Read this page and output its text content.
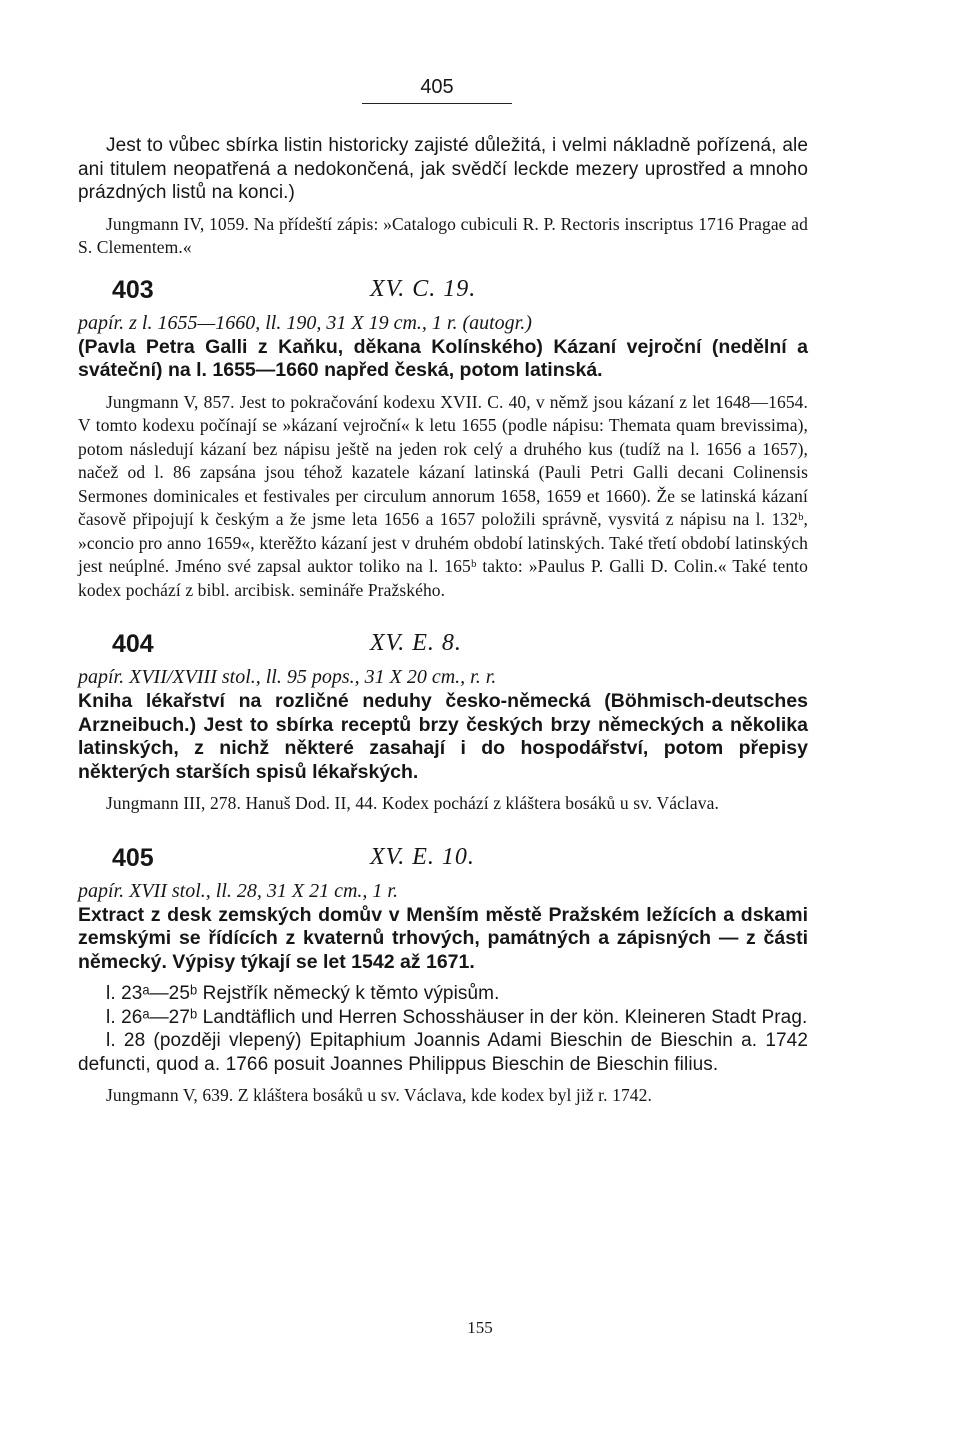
405

Jest to vůbec sbírka listin historicky zajisté důležitá, i velmi nákladně pořízená, ale ani titulem neopatřená a nedokončená, jak svědčí leckde mezery uprostřed a mnoho prázdných listů na konci.)

Jungmann IV, 1059. Na přídeští zápis: »Catalogo cubiculi R. P. Rectoris inscriptus 1716 Pragae ad S. Clementem.«

403	XV. C. 19.

papír. z l. 1655—1660, ll. 190, 31 X 19 cm., 1 r. (autogr.)

(Pavla Petra Galli z Kaňku, děkana Kolínského) Kázaní vejroční (nedělní a sváteční) na l. 1655—1660 napřed česká, potom latinská.

Jungmann V, 857. Jest to pokračování kodexu XVII. C. 40, v němž jsou kázaní z let 1648—1654. V tomto kodexu počínají se »kázaní vejroční« k letu 1655 (podle nápisu: Themata quam brevissima), potom následují kázaní bez nápisu ještě na jeden rok celý a druhého kus (tudíž na l. 1656 a 1657), načež od l. 86 zapsána jsou téhož kazatele kázaní latinská (Pauli Petri Galli decani Colinensis Sermones dominicales et festivales per circulum annorum 1658, 1659 et 1660). Že se latinská kázaní časově připojují k českým a že jsme leta 1656 a 1657 položili správně, vysvitá z nápisu na l. 132ᵇ, »concio pro anno 1659«, kterěžto kázaní jest v druhém období latinských. Také třetí období latinských jest neúplné. Jméno své zapsal auktor toliko na l. 165ᵇ takto: »Paulus P. Galli D. Colin.« Také tento kodex pochází z bibl. arcibisk. semináře Pražského.

404	XV. E. 8.

papír. XVII/XVIII stol., ll. 95 pops., 31 X 20 cm., r. r.

Kniha lékařství na rozličné neduhy česko-německá (Böhmisch-deutsches Arzneibuch.) Jest to sbírka receptů brzy českých brzy německých a několika latinských, z nichž některé zasahají i do hospodářství, potom přepisy některých starších spisů lékařských.

Jungmann III, 278. Hanuš Dod. II, 44. Kodex pochází z kláštera bosáků u sv. Václava.

405	XV. E. 10.

papír. XVII stol., ll. 28, 31 X 21 cm., 1 r.

Extract z desk zemských domův v Menším městě Pražském ležících a dskami zemskými se řídících z kvaternů trhových, památných a zápisných — z části německý. Výpisy týkají se let 1542 až 1671.

l. 23ᵃ—25ᵇ Rejstřík německý k těmto výpisům.

l. 26ᵃ—27ᵇ Landtäflich und Herren Schosshäuser in der kön. Kleineren Stadt Prag.

l. 28 (později vlepený) Epitaphium Joannis Adami Bieschin de Bieschin a. 1742 defuncti, quod a. 1766 posuit Joannes Philippus Bieschin de Bieschin filius.

Jungmann V, 639. Z kláštera bosáků u sv. Václava, kde kodex byl již r. 1742.

155
